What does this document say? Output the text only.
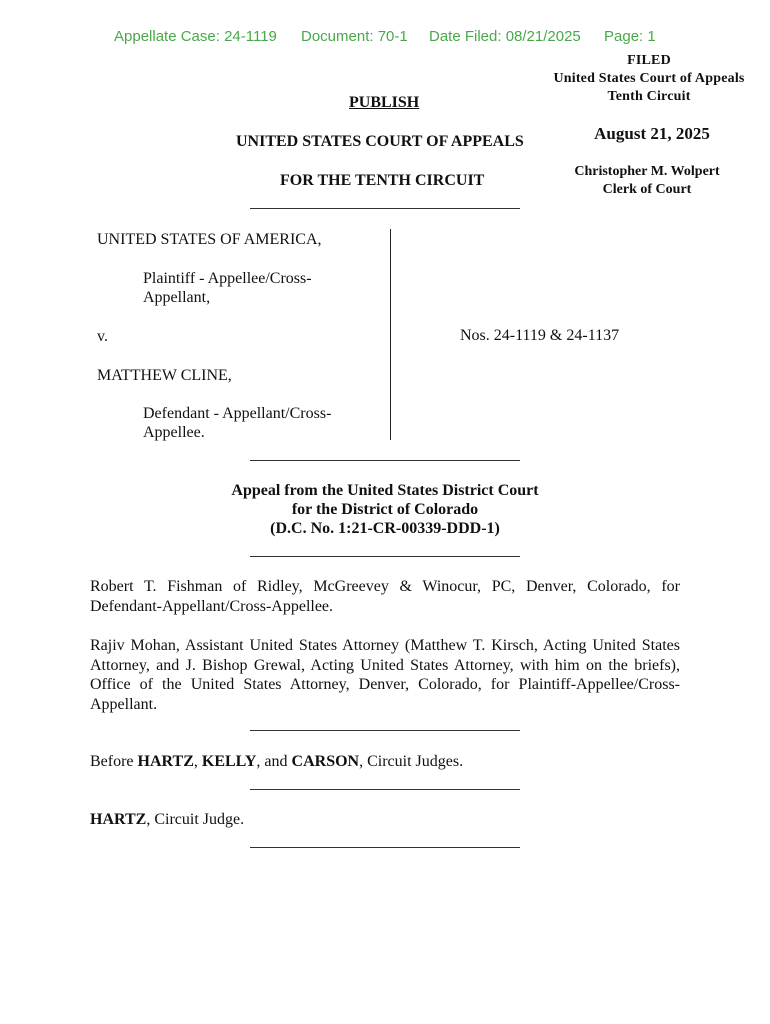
Appellate Case: 24-1119 Document: 70-1 Date Filed: 08/21/2025 Page: 1
FILED
United States Court of Appeals
Tenth Circuit
August 21, 2025
Christopher M. Wolpert
Clerk of Court
PUBLISH
UNITED STATES COURT OF APPEALS
FOR THE TENTH CIRCUIT
UNITED STATES OF AMERICA,
Plaintiff - Appellee/Cross-
Appellant,
v.
MATTHEW CLINE,
Defendant - Appellant/Cross-
Appellee.
Nos. 24-1119 & 24-1137
Appeal from the United States District Court
for the District of Colorado
(D.C. No. 1:21-CR-00339-DDD-1)
Robert T. Fishman of Ridley, McGreevey & Winocur, PC, Denver, Colorado, for Defendant-Appellant/Cross-Appellee.
Rajiv Mohan, Assistant United States Attorney (Matthew T. Kirsch, Acting United States Attorney, and J. Bishop Grewal, Acting United States Attorney, with him on the briefs), Office of the United States Attorney, Denver, Colorado, for Plaintiff-Appellee/Cross-Appellant.
Before HARTZ, KELLY, and CARSON, Circuit Judges.
HARTZ, Circuit Judge.
